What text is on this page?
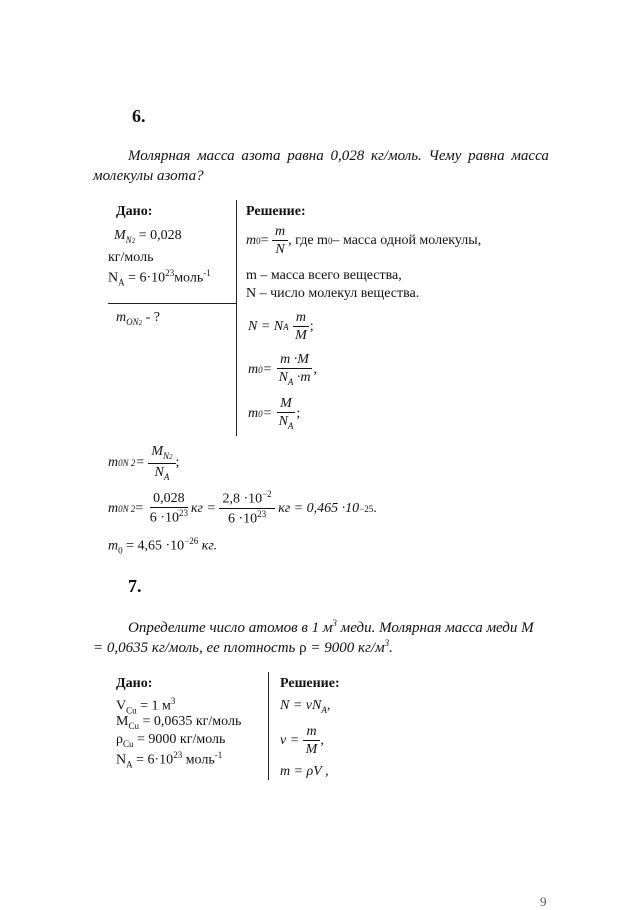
6.
Молярная масса азота равна 0,028 кг/моль. Чему равна масса
молекулы азота?
Дано:	Решение:
$M_{N2} = 0,028$
кг/моль
$N_A$ = $6\cdot 10^{23}моль^{-1}$
$m_{ON2}$ - ?
m 0 =
$\frac{m}{N}$ , где m 0 – масса одной молекулы,
m – масса всего вещества,
N – число молекул вещества.
N = N A
$\frac{m}{M}$ ;
m 0 =
$\frac{m \cdot M}{N_A \cdot m}$ ,
m 0 =
$\frac{M}{N_A}$ ;
m 0N 2 =
$\frac{M_{N2}}{N_A}$ ;
m 0N 2 =
$\frac{0,028}{6 \cdot 10^{23}}$ кг =
$\frac{2,8 \cdot 10^{-2}}{6 \cdot 10^{23}}$
кг = 0,465 ·10 −25 .
$m_0 = 4,65 \cdot 10^{-26}$ кг.
7.
Определите число атомов в 1 $м^3$ меди. Молярная масса меди М
= 0,0635 кг/моль, ее плотность ρ = 9000 $кг/м^3$.
Дано:	Решение:
$V_{Cu} = 1$ $м^3$
$M_{Cu} = 0,0635$ кг/моль
$\rho_{Cu} = 9000$ кг/моль
$N_A = 6\cdot 10^{23}$ моль$^{-1}$
$N = \nu N_A$,
ν =
$\frac{m}{M}$ ,
m = ρV ,
9
